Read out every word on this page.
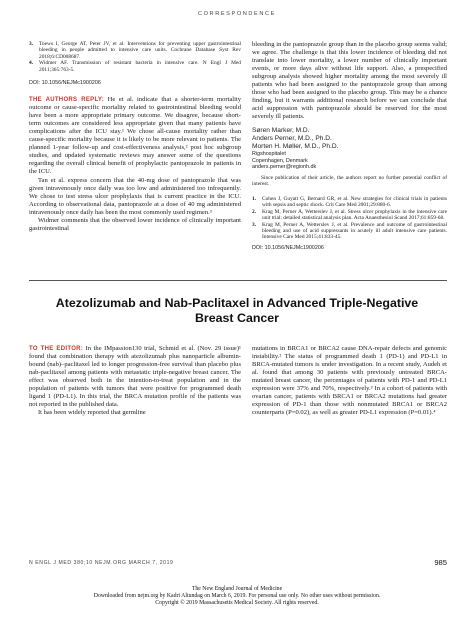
CORRESPONDENCE

3. Toews I, George AT, Peter JV, et al. Interventions for preventing upper gastrointestinal bleeding in people admitted to intensive care units. Cochrane Database Syst Rev 2018;6:CD008687.

4. Widmer AF. Transmission of resistant bacteria in intensive care. N Engl J Med 2011;365:763-5.

DOI: 10.1056/NEJMc1900206

THE AUTHORS REPLY: He et al. indicate that a shorter-term mortality outcome or cause-specific mortality related to gastrointestinal bleeding would have been a more appropriate primary outcome. We disagree, because short-term outcomes are considered less appropriate given that many patients have complications after the ICU stay.¹ We chose all-cause mortality rather than cause-specific mortality because it is likely to be more relevant to patients. The planned 1-year follow-up and cost-effectiveness analysis,² post hoc subgroup studies, and updated systematic reviews may answer some of the questions regarding the overall clinical benefit of prophylactic pantoprazole in patients in the ICU.

Tan et al. express concern that the 40-mg dose of pantoprazole that was given intravenously once daily was too low and administered too infrequently. We chose to test stress ulcer prophylaxis that is current practice in the ICU. According to observational data, pantoprazole at a dose of 40 mg administered intravenously once daily has been the most commonly used regimen.³

Widmer comments that the observed lower incidence of clinically important gastrointestinal

bleeding in the pantoprazole group than in the placebo group seems valid; we agree. The challenge is that this lower incidence of bleeding did not translate into lower mortality, a lower number of clinically important events, or more days alive without life support. Also, a prespecified subgroup analysis showed higher mortality among the most severely ill patients who had been assigned to the pantoprazole group than among those who had been assigned to the placebo group. This may be a chance finding, but it warrants additional research before we can conclude that acid suppression with pantoprazole should be reserved for the most severely ill patients.

Søren Marker, M.D.

Anders Perner, M.D., Ph.D.

Morten H. Møller, M.D., Ph.D.

Rigshospitalet

Copenhagen, Denmark

anders.perner@regionh.dk

Since publication of their article, the authors report no further potential conflict of interest.

1. Cohen J, Guyatt G, Bernard GR, et al. New strategies for clinical trials in patients with sepsis and septic shock. Crit Care Med 2001;29:880-6.

2. Krag M, Perner A, Wetterslev J, et al. Stress ulcer prophylaxis in the intensive care unit trial: detailed statistical analysis plan. Acta Anaesthesiol Scand 2017;61:859-68.

3. Krag M, Perner A, Wetterslev J, et al. Prevalence and outcome of gastrointestinal bleeding and use of acid suppressants in acutely ill adult intensive care patients. Intensive Care Med 2015;41:833-45.

DOI: 10.1056/NEJMc1900206

Atezolizumab and Nab-Paclitaxel in Advanced Triple-Negative
Breast Cancer

TO THE EDITOR: In the IMpassion130 trial, Schmid et al. (Nov. 29 issue)¹ found that combination therapy with atezolizumab plus nanoparticle albumin-bound (nab)–paclitaxel led to longer progression-free survival than placebo plus nab-paclitaxel among patients with metastatic triple-negative breast cancer. The effect was observed both in the intention-to-treat population and in the population of patients with tumors that were positive for programmed death ligand 1 (PD-L1). In this trial, the BRCA mutation profile of the patients was not reported in the published data.

It has been widely reported that germline

mutations in BRCA1 or BRCA2 cause DNA-repair defects and genomic instability.² The status of programmed death 1 (PD-1) and PD-L1 in BRCA-mutated tumors is under investigation. In a recent study, Audeh et al. found that among 30 patients with previously untreated BRCA-mutated breast cancer, the percentages of patients with PD-1 and PD-L1 expression were 37% and 70%, respectively.³ In a cohort of patients with ovarian cancer, patients with BRCA1 or BRCA2 mutations had greater expression of PD-1 than those with nonmutated BRCA1 or BRCA2 counterparts (P=0.02), as well as greater PD-L1 expression (P=0.01).⁴

N ENGL J MED 380;10 NEJM.ORG MARCH 7, 2019	985
The New England Journal of Medicine
Downloaded from nejm.org by Kadri Altundag on March 6, 2019. For personal use only. No other uses without permission.
Copyright © 2019 Massachusetts Medical Society. All rights reserved.
